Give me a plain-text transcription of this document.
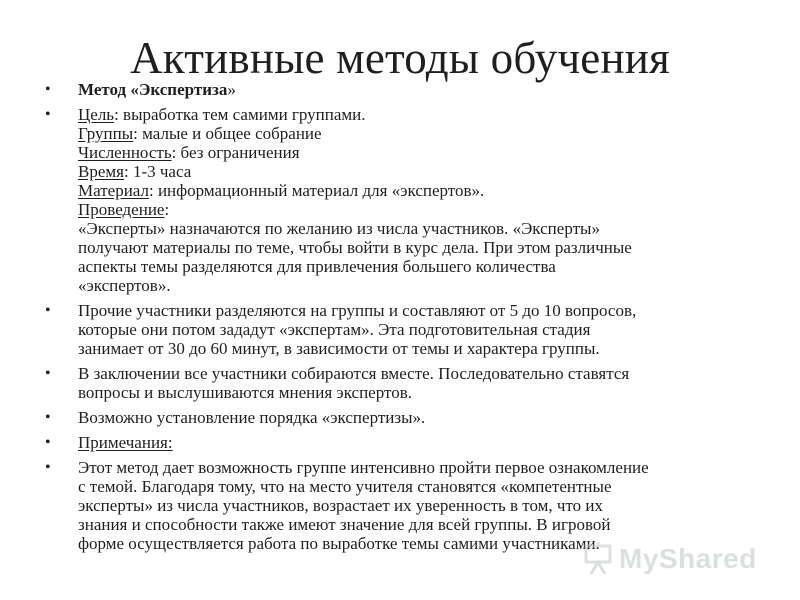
Активные методы обучения
• Метод «Экспертиза»
• Цель: выработка тем самими группами.
Группы: малые и общее собрание
Численность: без ограничения
Время: 1-3 часа
Материал: информационный материал для «экспертов».
Проведение:
«Эксперты» назначаются по желанию из числа участников. «Эксперты»
получают материалы по теме, чтобы войти в курс дела. При этом различные
аспекты темы разделяются для привлечения большего количества
«экспертов».
• Прочие участники разделяются на группы и составляют от 5 до 10 вопросов,
которые они потом зададут «экспертам». Эта подготовительная стадия
занимает от 30 до 60 минут, в зависимости от темы и характера группы.
• В заключении все участники собираются вместе. Последовательно ставятся
вопросы и выслушиваются мнения экспертов.
• Возможно установление порядка «экспертизы».
• Примечания:
• Этот метод дает возможность группе интенсивно пройти первое ознакомление
с темой. Благодаря тому, что на место учителя становятся «компетентные
эксперты» из числа участников, возрастает их уверенность в том, что их
знания и способности также имеют значение для всей группы. В игровой
форме осуществляется работа по выработке темы самими участниками. MyShared
